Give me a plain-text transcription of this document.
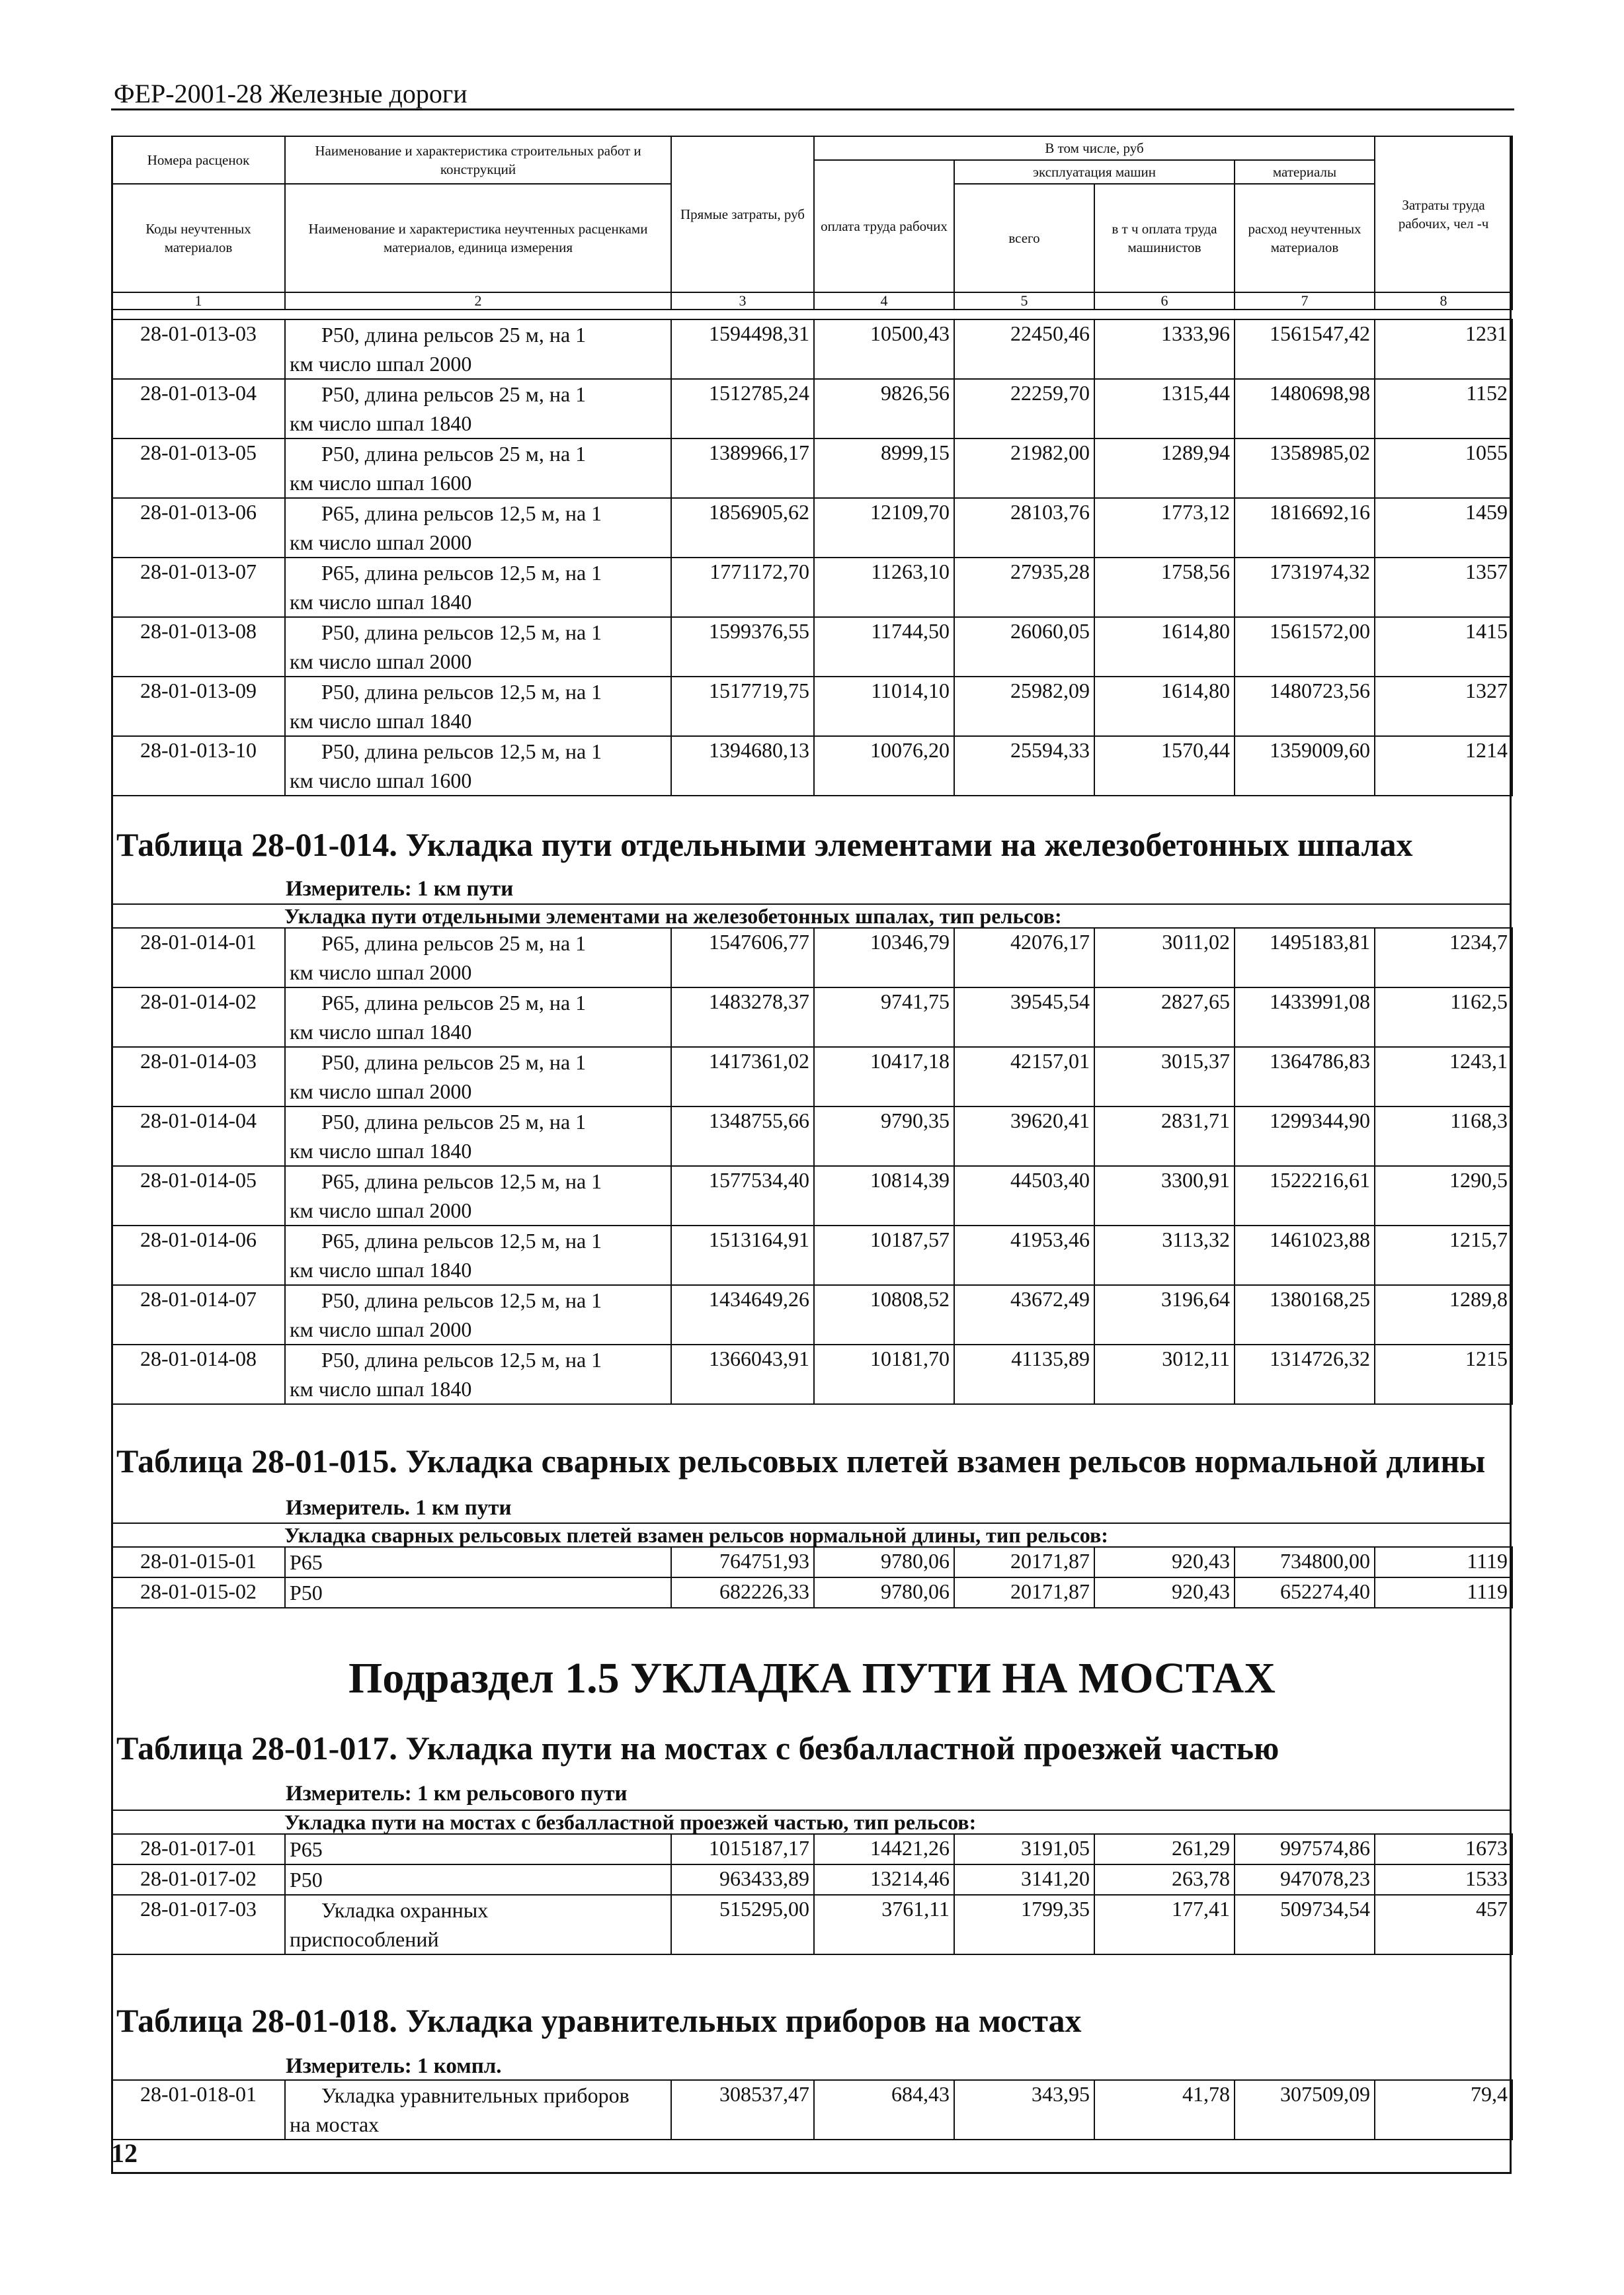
ФЕР-2001-28 Железные дороги
Номера расценок	Наименование и характеристика строительных работ и конструкций	Прямые затраты, руб	В том числе, руб				Затраты труда рабочих, чел -ч
			оплата труда рабочих	эксплуатация машин		материалы	
Коды неучтенных материалов	Наименование и характеристика неучтенных расценками материалов, единица измерения			всего	в т ч оплата труда машинистов	расход неучтенных материалов	

1	2	3	4	5	6	7	8
28-01-013-03	Р50, длина рельсов 25 м, на 1
км число шпал 2000	1594498,31	10500,43	22450,46	1333,96	1561547,42	1231
28-01-013-04	Р50, длина рельсов 25 м, на 1
км число шпал 1840	1512785,24	9826,56	22259,70	1315,44	1480698,98	1152
28-01-013-05	Р50, длина рельсов 25 м, на 1
км число шпал 1600	1389966,17	8999,15	21982,00	1289,94	1358985,02	1055
28-01-013-06	Р65, длина рельсов 12,5 м, на 1
км число шпал 2000	1856905,62	12109,70	28103,76	1773,12	1816692,16	1459
28-01-013-07	Р65, длина рельсов 12,5 м, на 1
км число шпал 1840	1771172,70	11263,10	27935,28	1758,56	1731974,32	1357
28-01-013-08	Р50, длина рельсов 12,5 м, на 1
км число шпал 2000	1599376,55	11744,50	26060,05	1614,80	1561572,00	1415
28-01-013-09	Р50, длина рельсов 12,5 м, на 1
км число шпал 1840	1517719,75	11014,10	25982,09	1614,80	1480723,56	1327
28-01-013-10	Р50, длина рельсов 12,5 м, на 1
км число шпал 1600	1394680,13	10076,20	25594,33	1570,44	1359009,60	1214
Таблица 28-01-014. Укладка пути отдельными элементами на железобетонных шпалах
Измеритель: 1 км пути
Укладка пути отдельными элементами на железобетонных шпалах, тип рельсов:
28-01-014-01	Р65, длина рельсов 25 м, на 1
км число шпал 2000	1547606,77	10346,79	42076,17	3011,02	1495183,81	1234,7
28-01-014-02	Р65, длина рельсов 25 м, на 1
км число шпал 1840	1483278,37	9741,75	39545,54	2827,65	1433991,08	1162,5
28-01-014-03	Р50, длина рельсов 25 м, на 1
км число шпал 2000	1417361,02	10417,18	42157,01	3015,37	1364786,83	1243,1
28-01-014-04	Р50, длина рельсов 25 м, на 1
км число шпал 1840	1348755,66	9790,35	39620,41	2831,71	1299344,90	1168,3
28-01-014-05	Р65, длина рельсов 12,5 м, на 1
км число шпал 2000	1577534,40	10814,39	44503,40	3300,91	1522216,61	1290,5
28-01-014-06	Р65, длина рельсов 12,5 м, на 1
км число шпал 1840	1513164,91	10187,57	41953,46	3113,32	1461023,88	1215,7
28-01-014-07	Р50, длина рельсов 12,5 м, на 1
км число шпал 2000	1434649,26	10808,52	43672,49	3196,64	1380168,25	1289,8
28-01-014-08	Р50, длина рельсов 12,5 м, на 1
км число шпал 1840	1366043,91	10181,70	41135,89	3012,11	1314726,32	1215
Таблица 28-01-015. Укладка сварных рельсовых плетей взамен рельсов нормальной длины
Измеритель. 1 км пути
Укладка сварных рельсовых плетей взамен рельсов нормальной длины, тип рельсов:
28-01-015-01	Р65	764751,93	9780,06	20171,87	920,43	734800,00	1119
28-01-015-02	Р50	682226,33	9780,06	20171,87	920,43	652274,40	1119
Подраздел 1.5 УКЛАДКА ПУТИ НА МОСТАХ
Таблица 28-01-017. Укладка пути на мостах с безбалластной проезжей частью
Измеритель: 1 км рельсового пути
Укладка пути на мостах с безбалластной проезжей частью, тип рельсов:
28-01-017-01	Р65	1015187,17	14421,26	3191,05	261,29	997574,86	1673
28-01-017-02	Р50	963433,89	13214,46	3141,20	263,78	947078,23	1533
28-01-017-03	Укладка охранных
приспособлений	515295,00	3761,11	1799,35	177,41	509734,54	457
Таблица 28-01-018. Укладка уравнительных приборов на мостах
Измеритель: 1 компл.
28-01-018-01	Укладка уравнительных приборов
на мостах
	308537,47	684,43	343,95	41,78	307509,09	79,4
12
